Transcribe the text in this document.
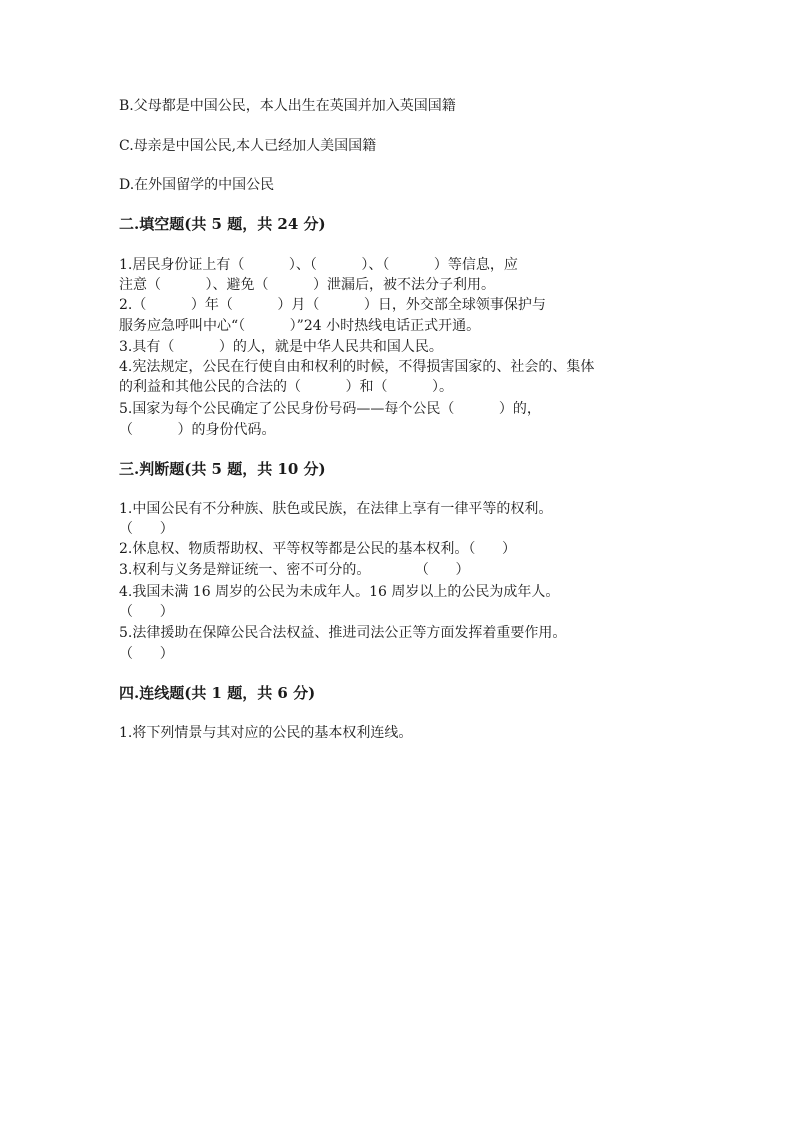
B.父母都是中国公民，本人出生在英国并加入英国国籍
C.母亲是中国公民,本人已经加人美国国籍
D.在外国留学的中国公民
二.填空题(共 5 题，共 24 分)
1.居民身份证上有（          ）、（          ）、（          ）等信息，应
注意（          ）、避免（          ）泄漏后，被不法分子利用。
2.（          ）年（          ）月（          ）日，外交部全球领事保护与
服务应急呼叫中心“（          ）”24 小时热线电话正式开通。
3.具有（          ）的人，就是中华人民共和国人民。
4.宪法规定，公民在行使自由和权利的时候，不得损害国家的、社会的、集体
的利益和其他公民的合法的（          ）和（          ）。
5.国家为每个公民确定了公民身份号码——每个公民（          ）的，
（          ）的身份代码。
三.判断题(共 5 题，共 10 分)
1.中国公民有不分种族、肤色或民族，在法律上享有一律平等的权利。
（      ）
2.休息权、物质帮助权、平等权等都是公民的基本权利。（      ）
3.权利与义务是辩证统一、密不可分的。          （      ）
4.我国未满 16 周岁的公民为未成年人。16 周岁以上的公民为成年人。
（      ）
5.法律援助在保障公民合法权益、推进司法公正等方面发挥着重要作用。
（      ）
四.连线题(共 1 题，共 6 分)
1.将下列情景与其对应的公民的基本权利连线。
